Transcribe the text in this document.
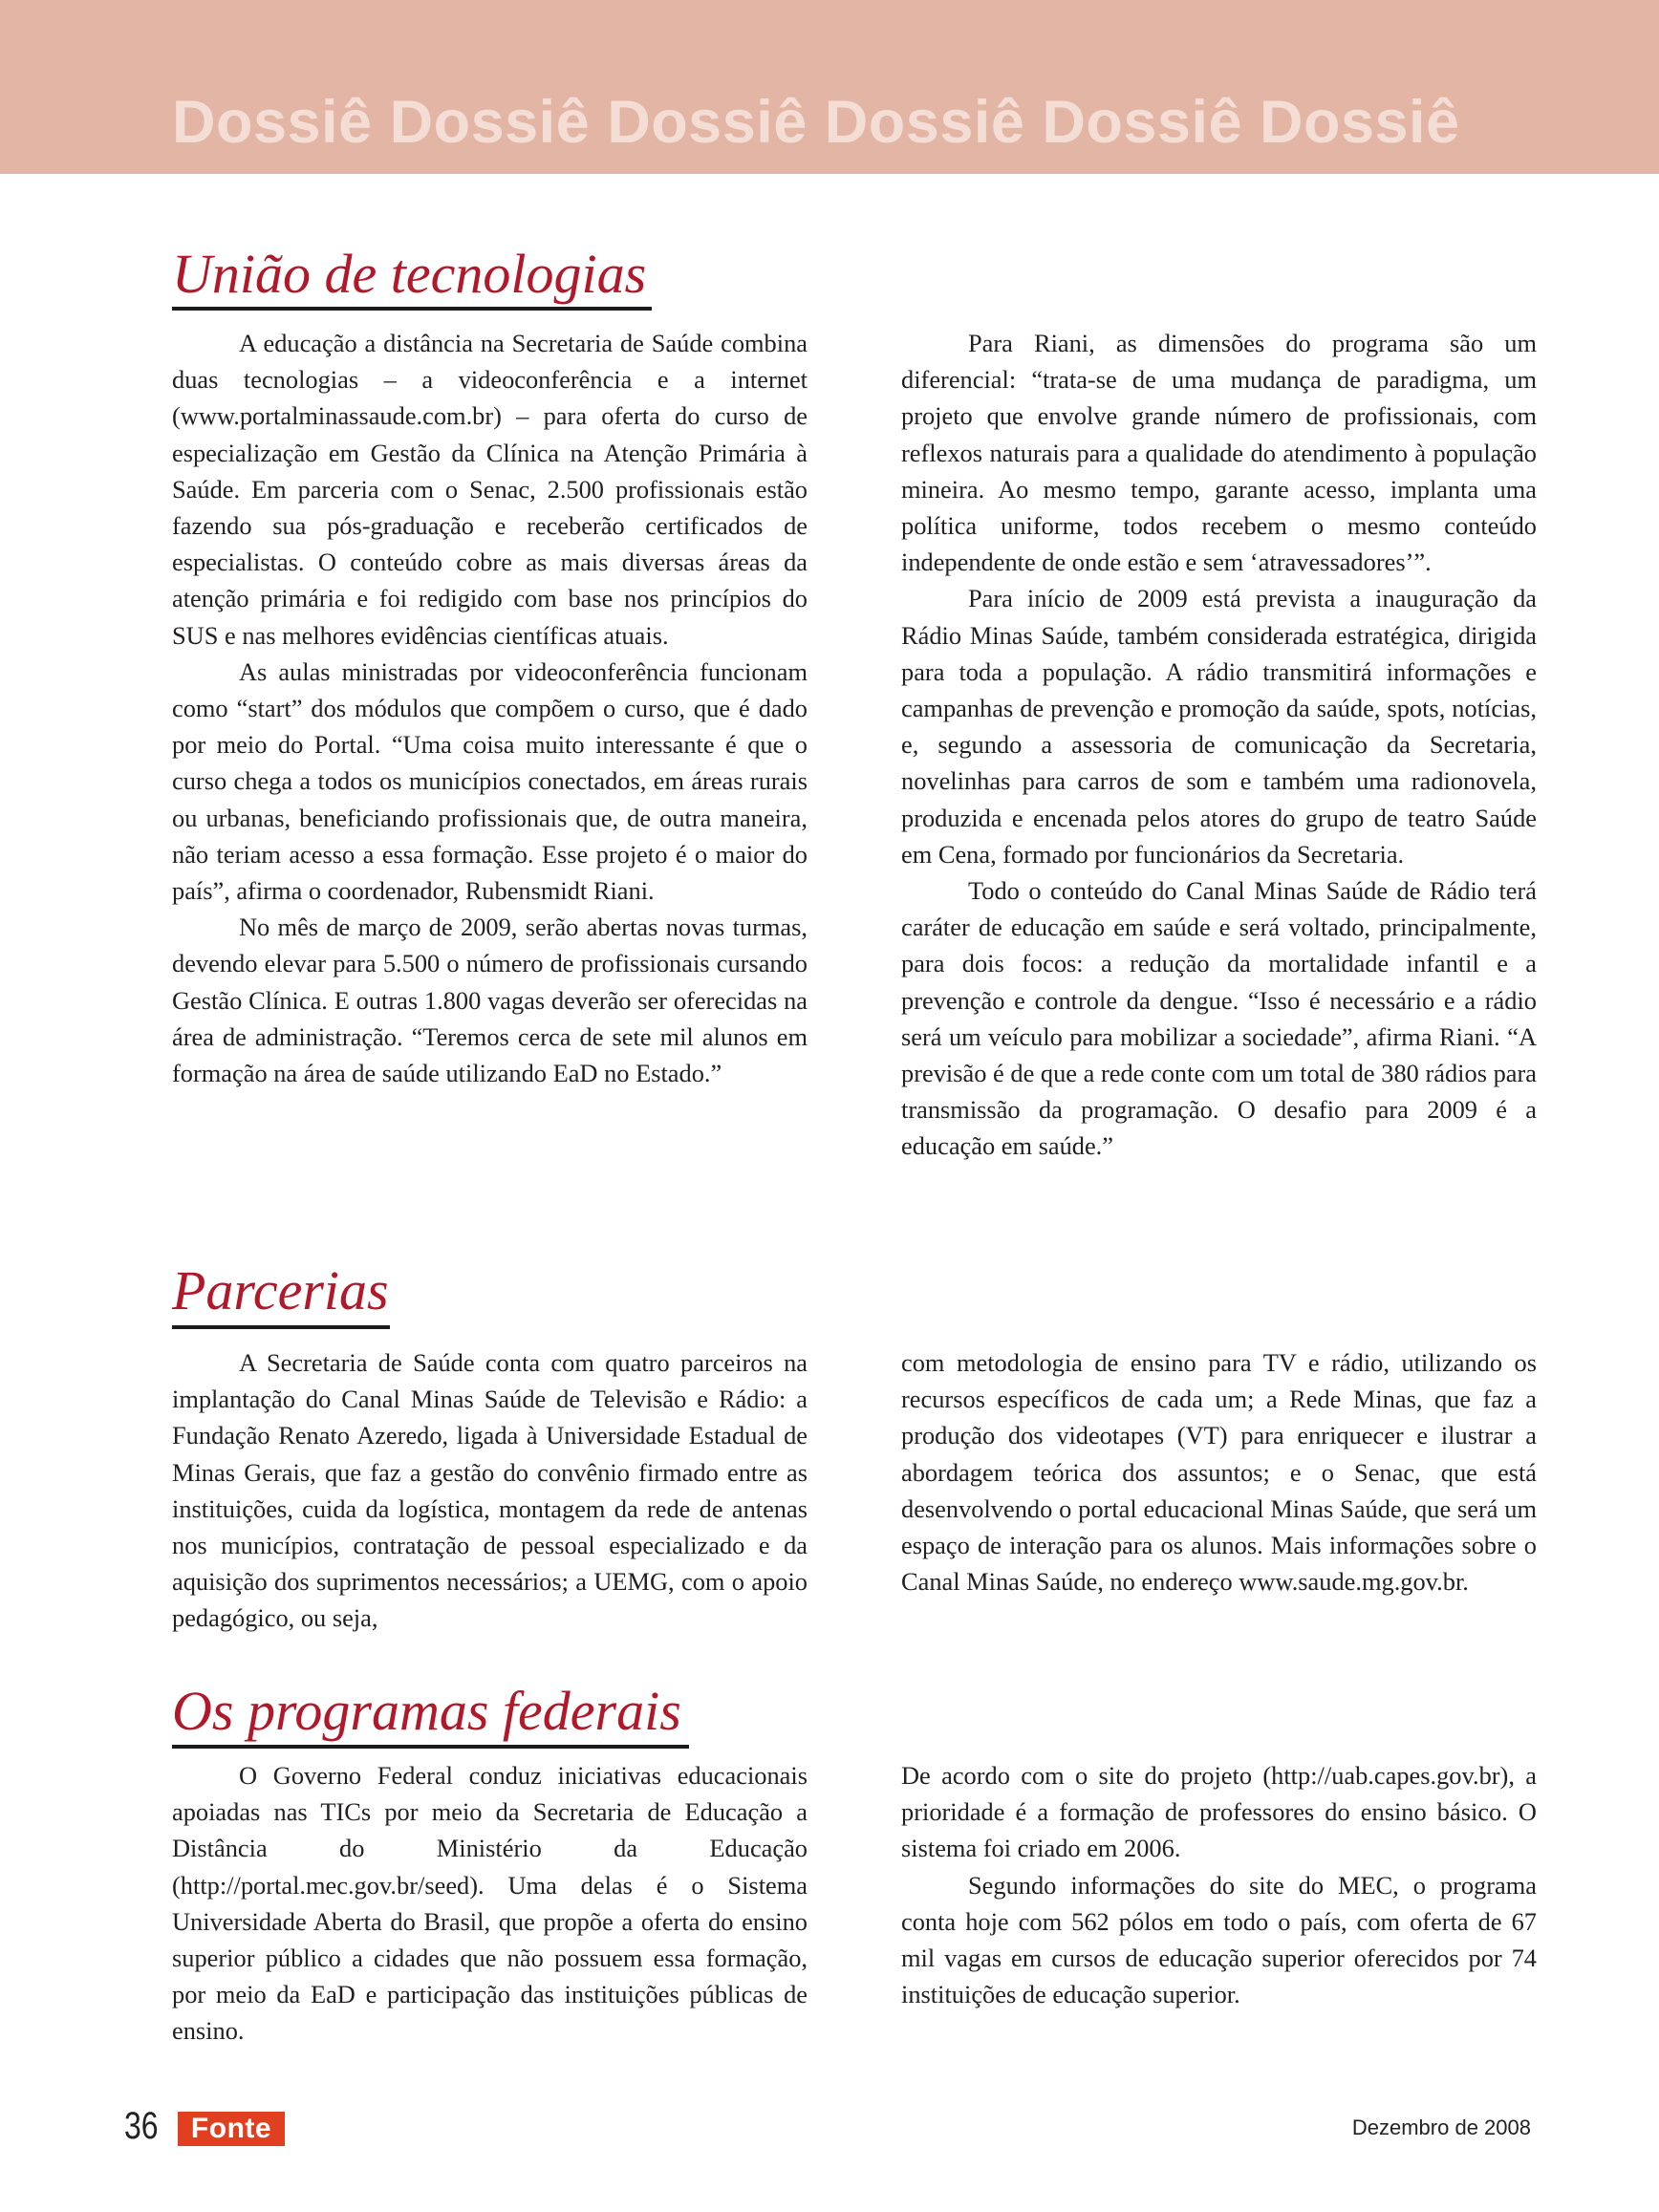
Dossiê Dossiê Dossiê Dossiê Dossiê Dossiê
União de tecnologias

A educação a distância na Secretaria de Saúde combina duas tecnologias – a videoconferência e a internet (www.portalminassaude.com.br) – para oferta do curso de especialização em Gestão da Clínica na Atenção Primária à Saúde. Em parceria com o Senac, 2.500 profissionais estão fazendo sua pós-graduação e receberão certificados de especialistas. O conteúdo cobre as mais diversas áreas da atenção primária e foi redigido com base nos princípios do SUS e nas melhores evidências científicas atuais.

As aulas ministradas por videoconferência funcionam como “start” dos módulos que compõem o curso, que é dado por meio do Portal. “Uma coisa muito interessante é que o curso chega a todos os municípios conectados, em áreas rurais ou urbanas, beneficiando profissionais que, de outra maneira, não teriam acesso a essa formação. Esse projeto é o maior do país”, afirma o coordenador, Rubensmidt Riani.

No mês de março de 2009, serão abertas novas turmas, devendo elevar para 5.500 o número de profissionais cursando Gestão Clínica. E outras 1.800 vagas deverão ser oferecidas na área de administração. “Teremos cerca de sete mil alunos em formação na área de saúde utilizando EaD no Estado.”

Para Riani, as dimensões do programa são um diferencial: “trata-se de uma mudança de paradigma, um projeto que envolve grande número de profissionais, com reflexos naturais para a qualidade do atendimento à população mineira. Ao mesmo tempo, garante acesso, implanta uma política uniforme, todos recebem o mesmo conteúdo independente de onde estão e sem ‘atravessadores’”.

Para início de 2009 está prevista a inauguração da Rádio Minas Saúde, também considerada estratégica, dirigida para toda a população. A rádio transmitirá informações e campanhas de prevenção e promoção da saúde, spots, notícias, e, segundo a assessoria de comunicação da Secretaria, novelinhas para carros de som e também uma radionovela, produzida e encenada pelos atores do grupo de teatro Saúde em Cena, formado por funcionários da Secretaria.

Todo o conteúdo do Canal Minas Saúde de Rádio terá caráter de educação em saúde e será voltado, principalmente, para dois focos: a redução da mortalidade infantil e a prevenção e controle da dengue. “Isso é necessário e a rádio será um veículo para mobilizar a sociedade”, afirma Riani. “A previsão é de que a rede conte com um total de 380 rádios para transmissão da programação. O desafio para 2009 é a educação em saúde.”

Parcerias

A Secretaria de Saúde conta com quatro parceiros na implantação do Canal Minas Saúde de Televisão e Rádio: a Fundação Renato Azeredo, ligada à Universidade Estadual de Minas Gerais, que faz a gestão do convênio firmado entre as instituições, cuida da logística, montagem da rede de antenas nos municípios, contratação de pessoal especializado e da aquisição dos suprimentos necessários; a UEMG, com o apoio pedagógico, ou seja,

com metodologia de ensino para TV e rádio, utilizando os recursos específicos de cada um; a Rede Minas, que faz a produção dos videotapes (VT) para enriquecer e ilustrar a abordagem teórica dos assuntos; e o Senac, que está desenvolvendo o portal educacional Minas Saúde, que será um espaço de interação para os alunos. Mais informações sobre o Canal Minas Saúde, no endereço www.saude.mg.gov.br.

Os programas federais

O Governo Federal conduz iniciativas educacionais apoiadas nas TICs por meio da Secretaria de Educação a Distância do Ministério da Educação (http://portal.mec.gov.br/seed). Uma delas é o Sistema Universidade Aberta do Brasil, que propõe a oferta do ensino superior público a cidades que não possuem essa formação, por meio da EaD e participação das instituições públicas de ensino.

De acordo com o site do projeto (http://uab.capes.gov.br), a prioridade é a formação de professores do ensino básico. O sistema foi criado em 2006.

Segundo informações do site do MEC, o programa conta hoje com 562 pólos em todo o país, com oferta de 67 mil vagas em cursos de educação superior oferecidos por 74 instituições de educação superior.

36	Fonte	Dezembro de 2008
